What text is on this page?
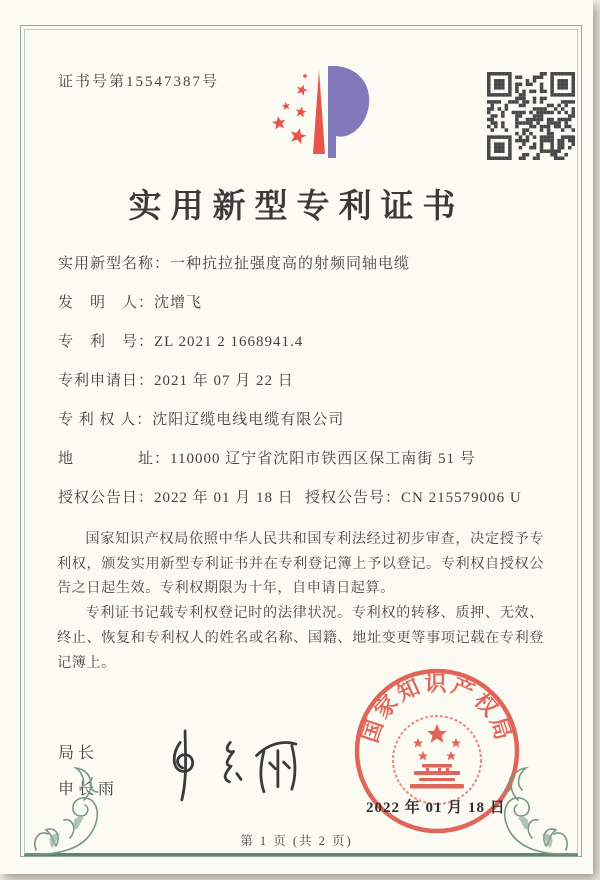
证书号第15547387号
实用新型专利证书
实用新型名称： 一种抗拉扯强度高的射频同轴电缆
发　明　人： 沈增飞
专　利　号： ZL 2021 2 1668941.4
专利申请日： 2021 年 07 月 22 日
专 利 权 人： 沈阳辽缆电线电缆有限公司
地　　　　址： 110000 辽宁省沈阳市铁西区保工南街 51 号
授权公告日： 2022 年 01 月 18 日 授权公告号： CN 215579006 U

国家知识产权局依照中华人民共和国专利法经过初步审查，决定授予专利权，颁发实用新型专利证书并在专利登记簿上予以登记。专利权自授权公告之日起生效。专利权期限为十年，自申请日起算。

专利证书记载专利权登记时的法律状况。专利权的转移、质押、无效、终止、恢复和专利权人的姓名或名称、国籍、地址变更等事项记载在专利登记簿上。

局长
申长雨
国家知识产权局
2022 年 01 月 18 日
第 1 页 (共 2 页)
